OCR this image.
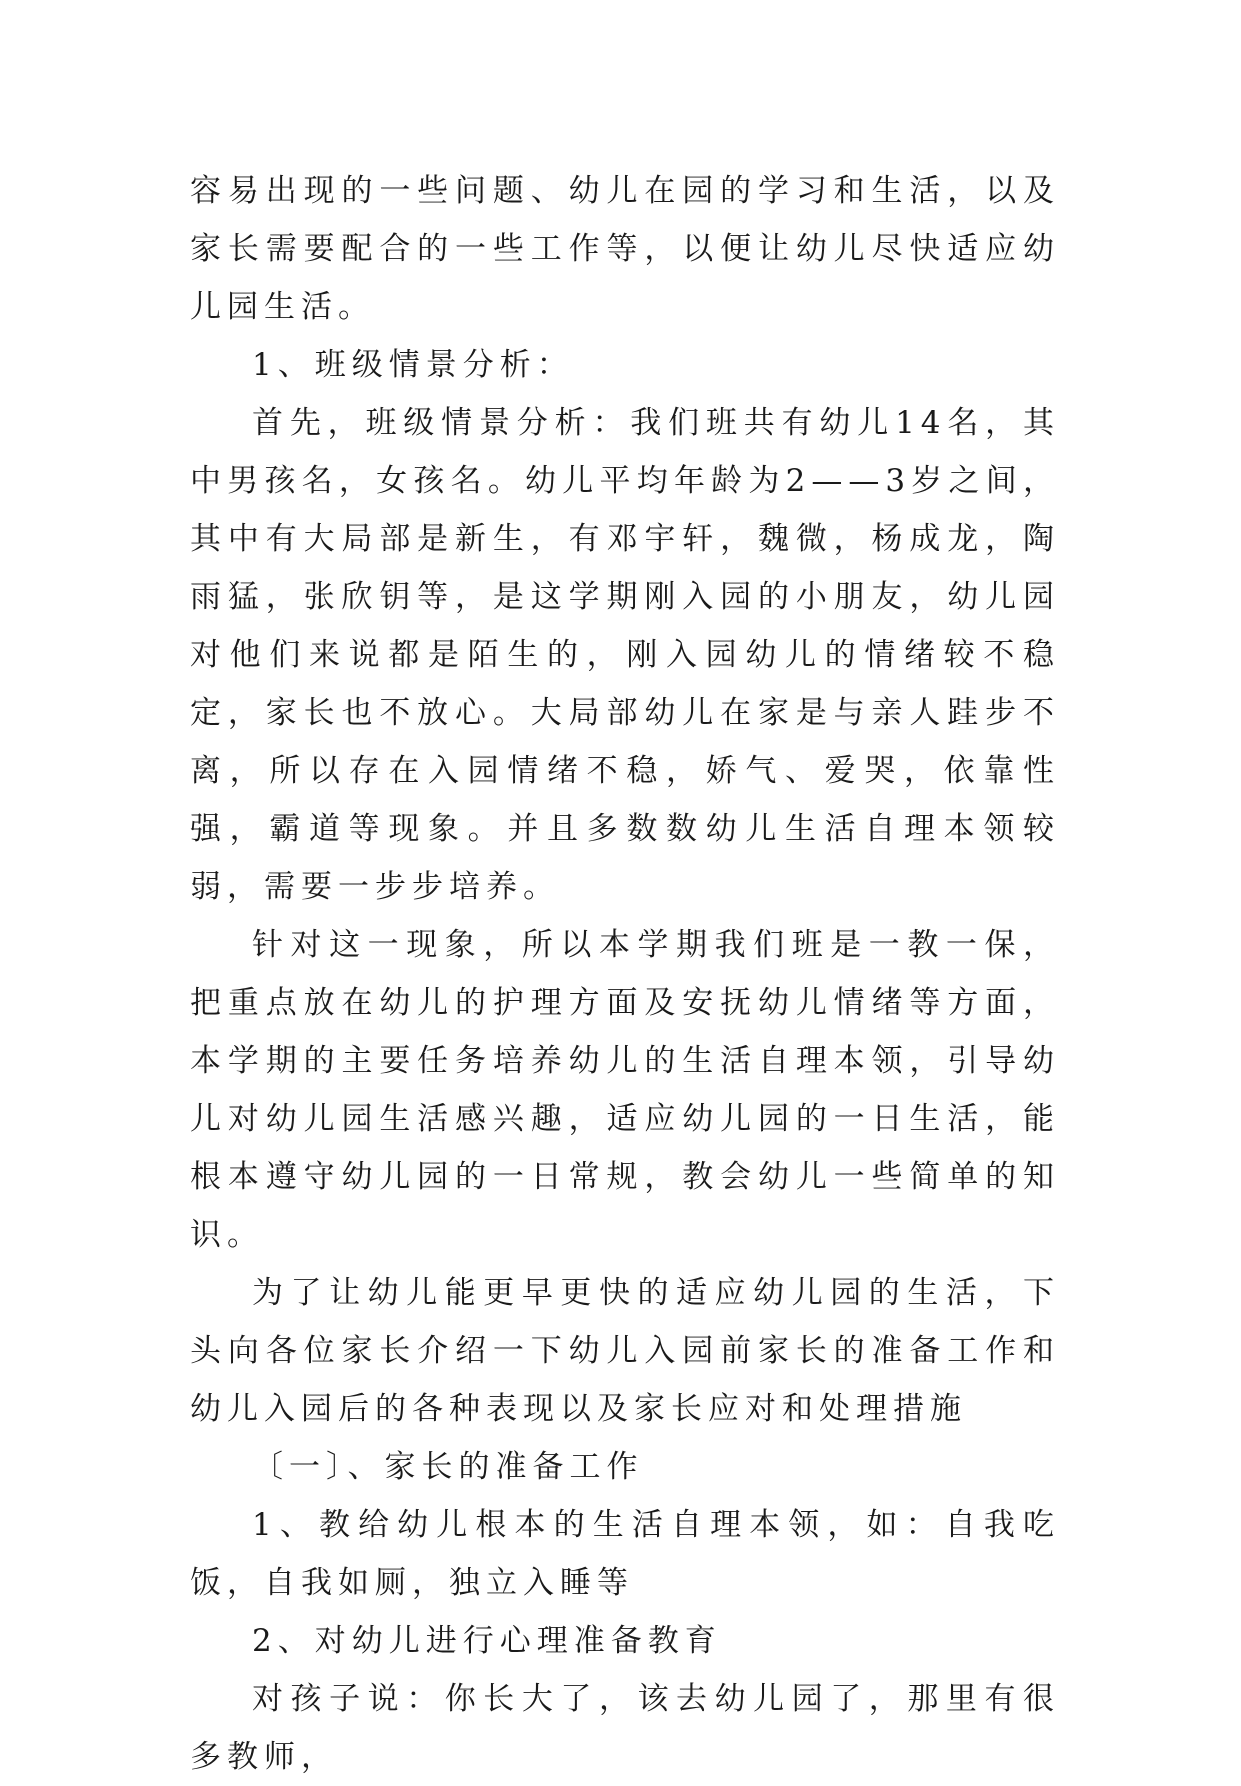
容易出现的一些问题、幼儿在园的学习和生活，以及家长需要配合的一些工作等，以便让幼儿尽快适应幼儿园生活。

1、班级情景分析：

首先，班级情景分析：我们班共有幼儿14名，其中男孩名，女孩名。幼儿平均年龄为2——3岁之间，其中有大局部是新生，有邓宇轩，魏微，杨成龙，陶雨猛，张欣钥等，是这学期刚入园的小朋友，幼儿园对他们来说都是陌生的，刚入园幼儿的情绪较不稳定，家长也不放心。大局部幼儿在家是与亲人跬步不离，所以存在入园情绪不稳，娇气、爱哭，依靠性强，霸道等现象。并且多数数幼儿生活自理本领较弱，需要一步步培养。

针对这一现象，所以本学期我们班是一教一保，把重点放在幼儿的护理方面及安抚幼儿情绪等方面，本学期的主要任务培养幼儿的生活自理本领，引导幼儿对幼儿园生活感兴趣，适应幼儿园的一日生活，能根本遵守幼儿园的一日常规，教会幼儿一些简单的知识。

为了让幼儿能更早更快的适应幼儿园的生活，下头向各位家长介绍一下幼儿入园前家长的准备工作和幼儿入园后的各种表现以及家长应对和处理措施

〔一〕、家长的准备工作

1、教给幼儿根本的生活自理本领，如：自我吃饭，自我如厕，独立入睡等

2、对幼儿进行心理准备教育

对孩子说：你长大了，该去幼儿园了，那里有很多教师，
